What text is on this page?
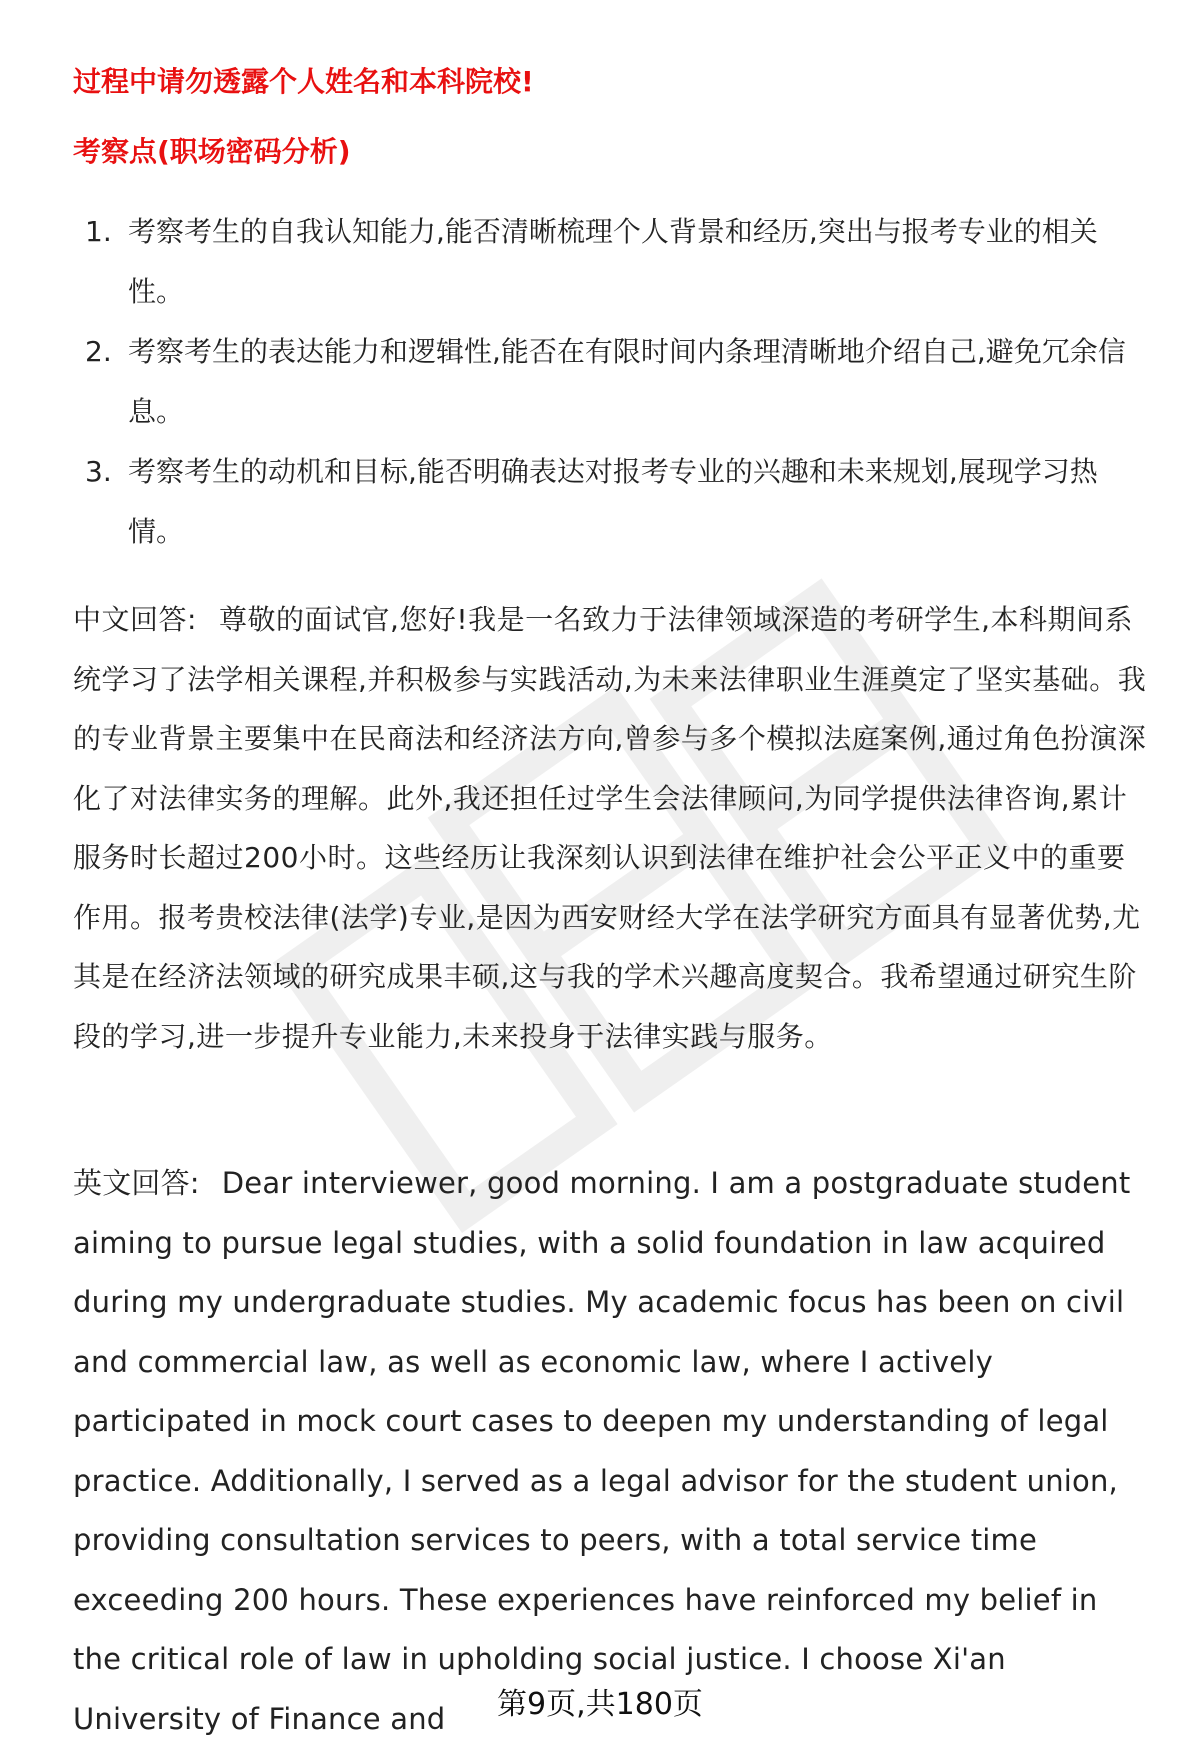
过程中请勿透露个人姓名和本科院校!
考察点(职场密码分析)
1. 考察考生的自我认知能力,能否清晰梳理个人背景和经历,突出与报考专业的相关性。
2. 考察考生的表达能力和逻辑性,能否在有限时间内条理清晰地介绍自己,避免冗余信息。
3. 考察考生的动机和目标,能否明确表达对报考专业的兴趣和未来规划,展现学习热情。

中文回答: 尊敬的面试官,您好!我是一名致力于法律领域深造的考研学生,本科期间系统学习了法学相关课程,并积极参与实践活动,为未来法律职业生涯奠定了坚实基础。我的专业背景主要集中在民商法和经济法方向,曾参与多个模拟法庭案例,通过角色扮演深化了对法律实务的理解。此外,我还担任过学生会法律顾问,为同学提供法律咨询,累计服务时长超过200小时。这些经历让我深刻认识到法律在维护社会公平正义中的重要作用。报考贵校法律(法学)专业,是因为西安财经大学在法学研究方面具有显著优势,尤其是在经济法领域的研究成果丰硕,这与我的学术兴趣高度契合。我希望通过研究生阶段的学习,进一步提升专业能力,未来投身于法律实践与服务。

英文回答: Dear interviewer, good morning. I am a postgraduate student aiming to pursue legal studies, with a solid foundation in law acquired during my undergraduate studies. My academic focus has been on civil and commercial law, as well as economic law, where I actively participated in mock court cases to deepen my understanding of legal practice. Additionally, I served as a legal advisor for the student union, providing consultation services to peers, with a total service time exceeding 200 hours. These experiences have reinforced my belief in the critical role of law in upholding social justice. I choose Xi'an University of Finance and	第9页,共180页
